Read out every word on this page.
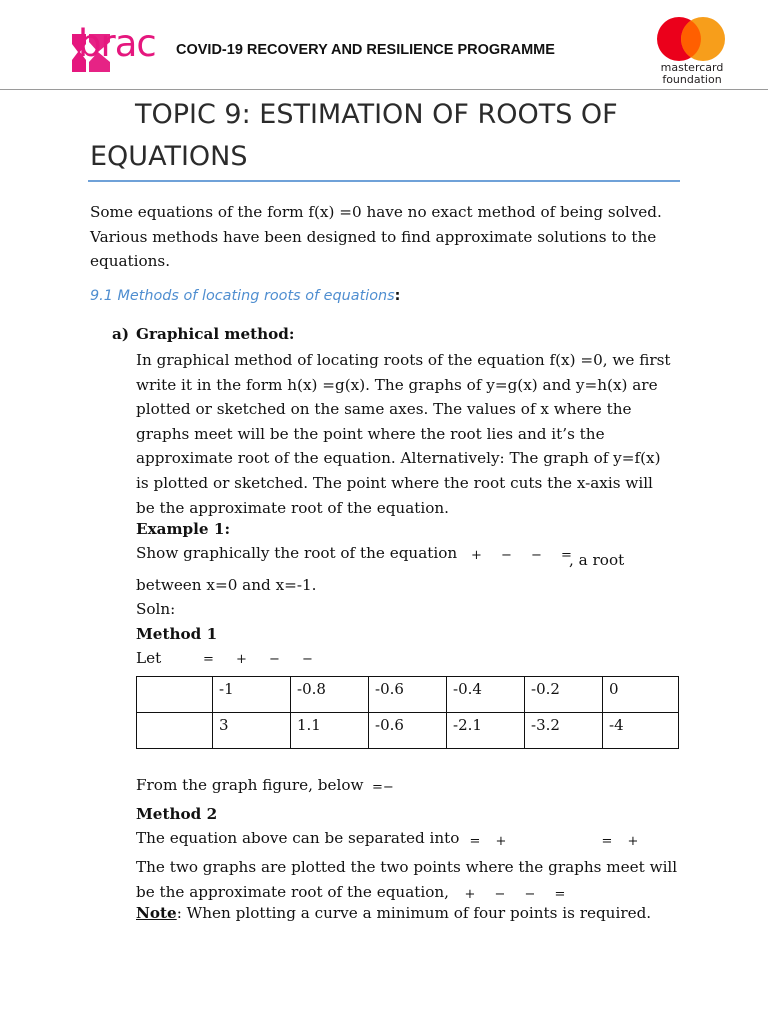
brac COVID-19 RECOVERY AND RESILIENCE PROGRAMME
mastercard
foundation
TOPIC 9: ESTIMATION OF ROOTS OF
EQUATIONS
Some equations of the form f(x) =0 have no exact method of being solved. Various methods have been designed to find approximate solutions to the equations.
9.1 Methods of locating roots of equations:
a) Graphical method:
In graphical method of locating roots of the equation f(x) =0, we first write it in the form h(x) =g(x). The graphs of y=g(x) and y=h(x) are plotted or sketched on the same axes. The values of x where the graphs meet will be the point where the root lies and it’s the approximate root of the equation. Alternatively: The graph of y=f(x) is plotted or sketched. The point where the root cuts the x-axis will be the approximate root of the equation.
Example 1:
Show graphically the root of the equation	+ − − =
, a root
between x=0 and x=-1.
Soln:
Method 1
Let	= + − −
	-1	-0.8	-0.6	-0.4	-0.2	0
	3	1.1	-0.6	-2.1	-3.2	-4
From the graph figure, below =−
Method 2
The equation above can be separated into = +	= +
The two graphs are plotted the two points where the graphs meet will be the approximate root of the equation,	+ − − =
Note: When plotting a curve a minimum of four points is required.
